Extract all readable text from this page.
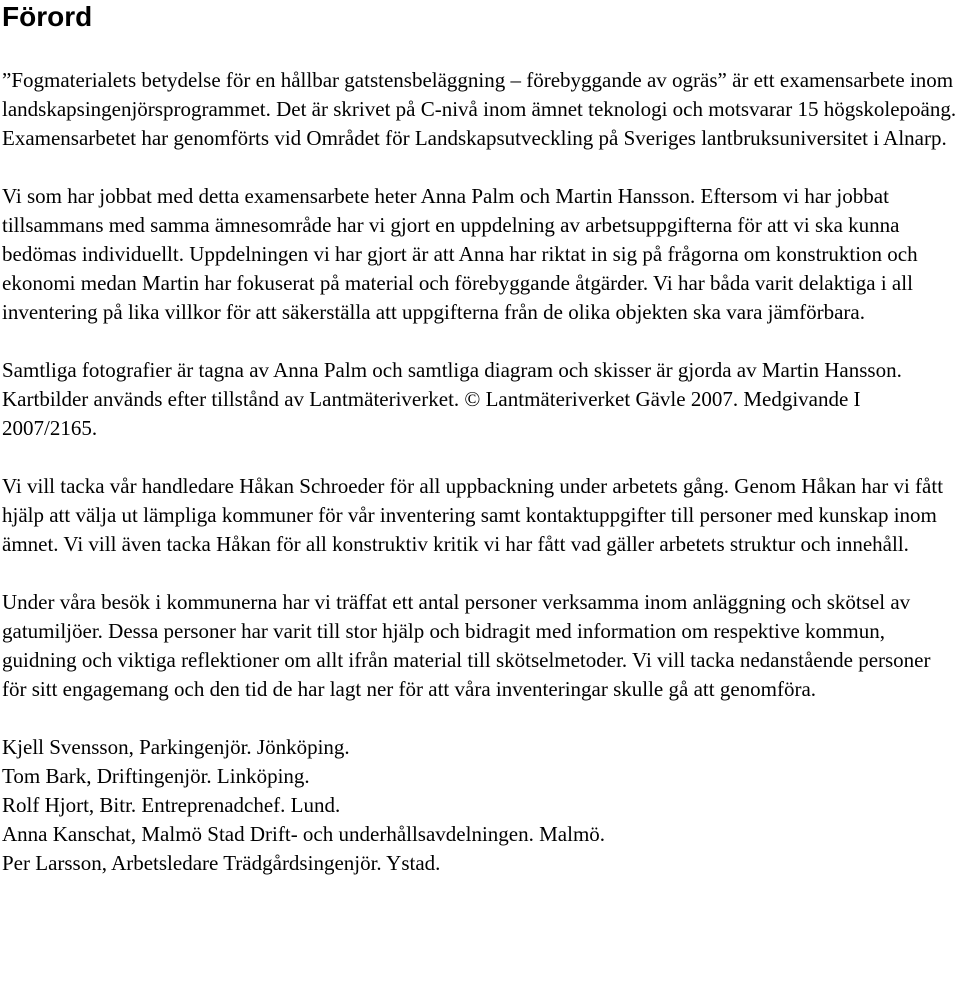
Förord

”Fogmaterialets betydelse för en hållbar gatstensbeläggning – förebyggande av ogräs” är ett examensarbete inom landskapsingenjörsprogrammet. Det är skrivet på C-nivå inom ämnet teknologi och motsvarar 15 högskolepoäng. Examensarbetet har genomförts vid Området för Landskapsutveckling på Sveriges lantbruksuniversitet i Alnarp.

Vi som har jobbat med detta examensarbete heter Anna Palm och Martin Hansson. Eftersom vi har jobbat tillsammans med samma ämnesområde har vi gjort en uppdelning av arbetsuppgifterna för att vi ska kunna bedömas individuellt. Uppdelningen vi har gjort är att Anna har riktat in sig på frågorna om konstruktion och ekonomi medan Martin har fokuserat på material och förebyggande åtgärder. Vi har båda varit delaktiga i all inventering på lika villkor för att säkerställa att uppgifterna från de olika objekten ska vara jämförbara.

Samtliga fotografier är tagna av Anna Palm och samtliga diagram och skisser är gjorda av Martin Hansson. Kartbilder används efter tillstånd av Lantmäteriverket. © Lantmäteriverket Gävle 2007. Medgivande I 2007/2165.

Vi vill tacka vår handledare Håkan Schroeder för all uppbackning under arbetets gång. Genom Håkan har vi fått hjälp att välja ut lämpliga kommuner för vår inventering samt kontaktuppgifter till personer med kunskap inom ämnet. Vi vill även tacka Håkan för all konstruktiv kritik vi har fått vad gäller arbetets struktur och innehåll.

Under våra besök i kommunerna har vi träffat ett antal personer verksamma inom anläggning och skötsel av gatumiljöer. Dessa personer har varit till stor hjälp och bidragit med information om respektive kommun, guidning och viktiga reflektioner om allt ifrån material till skötselmetoder. Vi vill tacka nedanstående personer för sitt engagemang och den tid de har lagt ner för att våra inventeringar skulle gå att genomföra.

Kjell Svensson, Parkingenjör. Jönköping.
Tom Bark, Driftingenjör. Linköping.
Rolf Hjort, Bitr. Entreprenadchef. Lund.
Anna Kanschat, Malmö Stad Drift- och underhållsavdelningen. Malmö.
Per Larsson, Arbetsledare Trädgårdsingenjör. Ystad.
